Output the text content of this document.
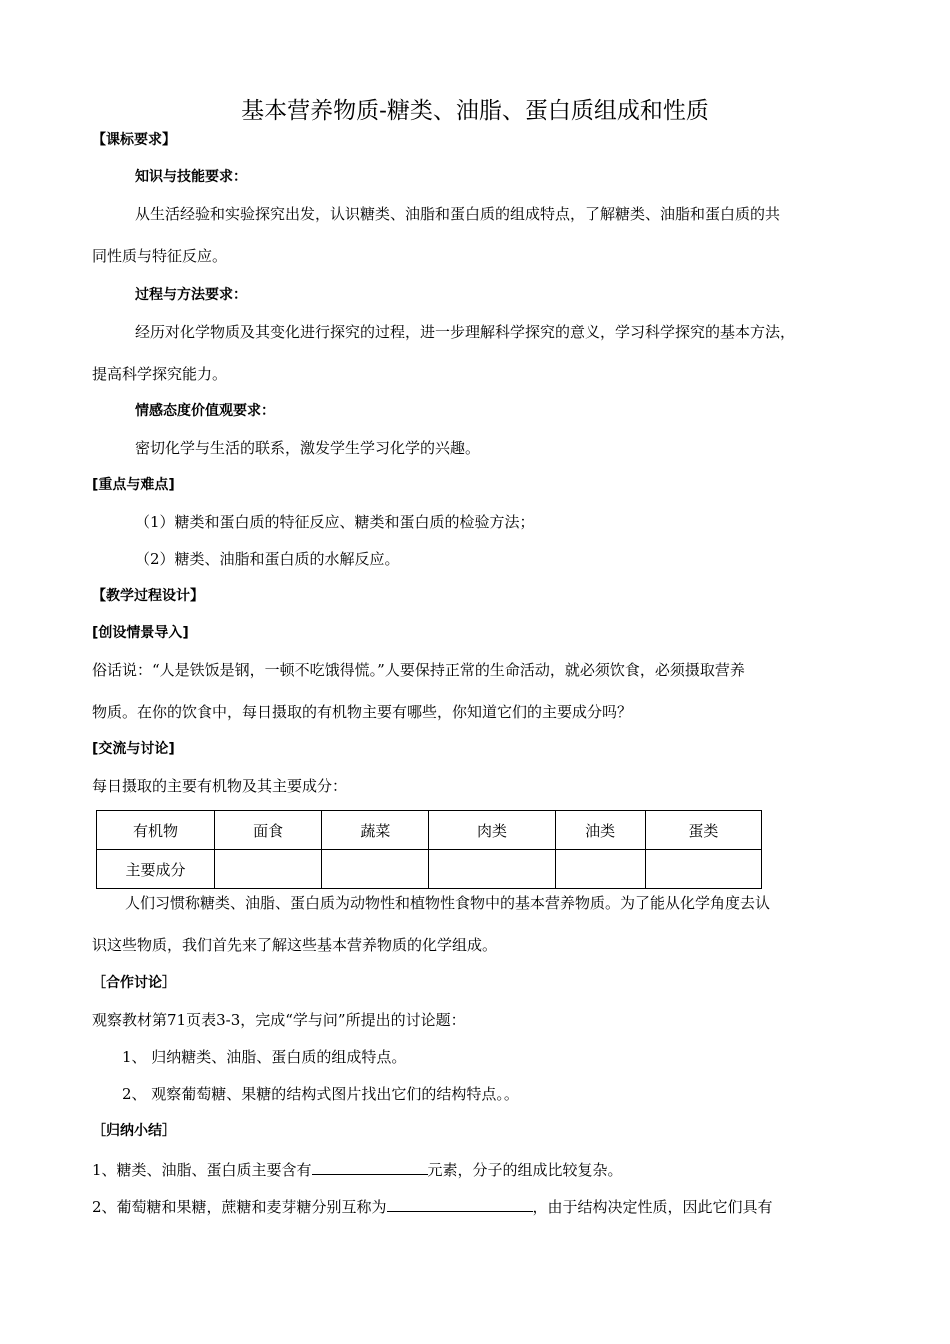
基本营养物质-糖类、油脂、蛋白质组成和性质
【课标要求】
知识与技能要求：
从生活经验和实验探究出发，认识糖类、油脂和蛋白质的组成特点，了解糖类、油脂和蛋白质的共
同性质与特征反应。
过程与方法要求：
经历对化学物质及其变化进行探究的过程，进一步理解科学探究的意义，学习科学探究的基本方法，
提高科学探究能力。
情感态度价值观要求：
密切化学与生活的联系，激发学生学习化学的兴趣。
[重点与难点]
（1）糖类和蛋白质的特征反应、糖类和蛋白质的检验方法；
（2）糖类、油脂和蛋白质的水解反应。
【教学过程设计】
[创设情景导入]
俗话说：“人是铁饭是钢，一顿不吃饿得慌。”人要保持正常的生命活动，就必须饮食，必须摄取营养
物质。在你的饮食中，每日摄取的有机物主要有哪些，你知道它们的主要成分吗？
[交流与讨论]
每日摄取的主要有机物及其主要成分：
有机物	面食	蔬菜	肉类	油类	蛋类
主要成分					
人们习惯称糖类、油脂、蛋白质为动物性和植物性食物中的基本营养物质。为了能从化学角度去认
识这些物质，我们首先来了解这些基本营养物质的化学组成。
［合作讨论］
观察教材第71页表3-3，完成“学与问”所提出的讨论题：
1、 归纳糖类、油脂、蛋白质的组成特点。
2、 观察葡萄糖、果糖的结构式图片找出它们的结构特点。。
［归纳小结］
1、糖类、油脂、蛋白质主要含有	元素，分子的组成比较复杂。
2、葡萄糖和果糖，蔗糖和麦芽糖分别互称为	，由于结构决定性质，因此它们具有
